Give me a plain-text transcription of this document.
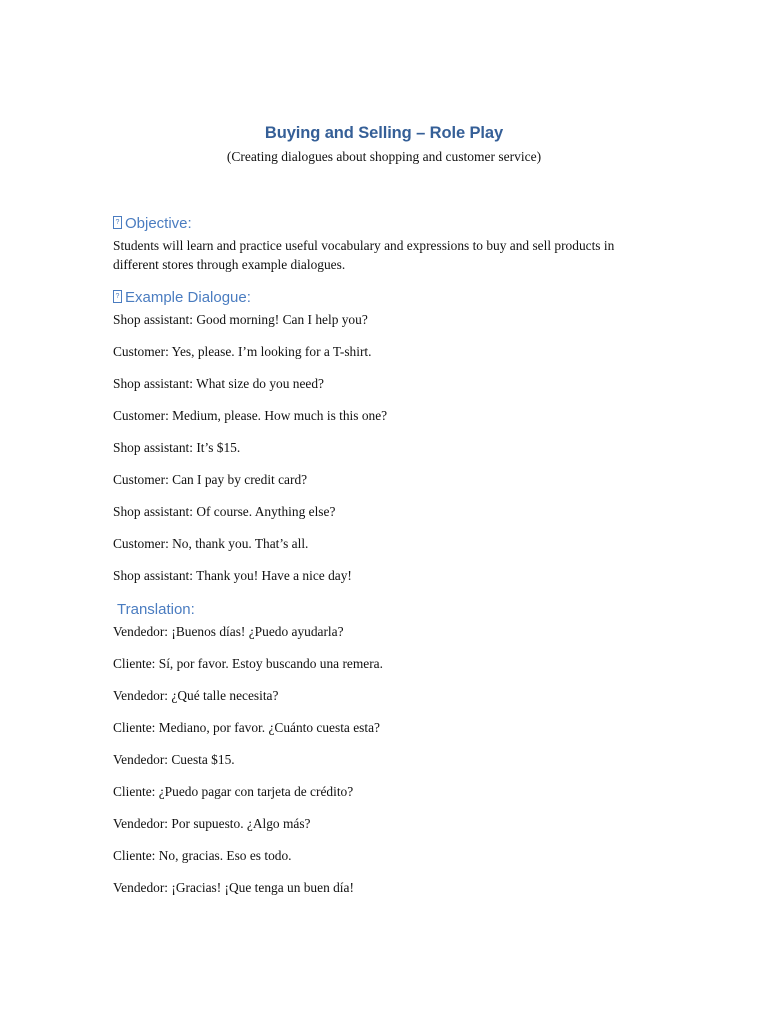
Buying and Selling – Role Play
(Creating dialogues about shopping and customer service)
?Objective:
Students will learn and practice useful vocabulary and expressions to buy and sell products in different stores through example dialogues.
?Example Dialogue:
Shop assistant: Good morning! Can I help you?
Customer: Yes, please. I’m looking for a T-shirt.
Shop assistant: What size do you need?
Customer: Medium, please. How much is this one?
Shop assistant: It’s $15.
Customer: Can I pay by credit card?
Shop assistant: Of course. Anything else?
Customer: No, thank you. That’s all.
Shop assistant: Thank you! Have a nice day!
Translation:
Vendedor: ¡Buenos días! ¿Puedo ayudarla?
Cliente: Sí, por favor. Estoy buscando una remera.
Vendedor: ¿Qué talle necesita?
Cliente: Mediano, por favor. ¿Cuánto cuesta esta?
Vendedor: Cuesta $15.
Cliente: ¿Puedo pagar con tarjeta de crédito?
Vendedor: Por supuesto. ¿Algo más?
Cliente: No, gracias. Eso es todo.
Vendedor: ¡Gracias! ¡Que tenga un buen día!
